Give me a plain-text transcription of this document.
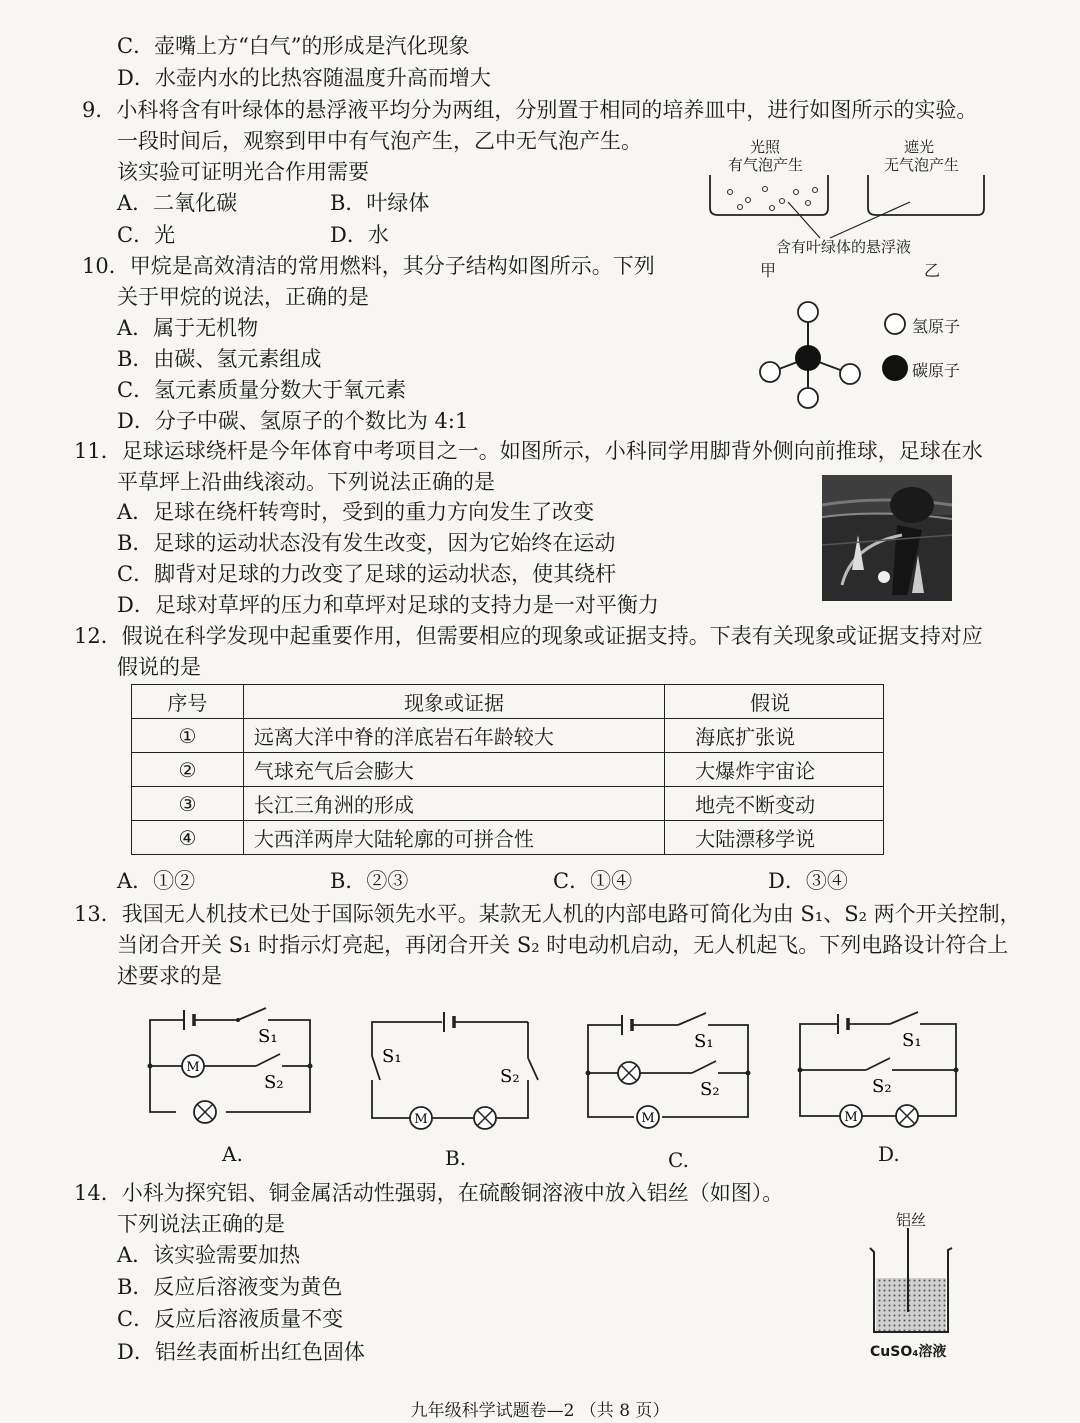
C．壶嘴上方“白气”的形成是汽化现象
D．水壶内水的比热容随温度升高而增大
9．小科将含有叶绿体的悬浮液平均分为两组，分别置于相同的培养皿中，进行如图所示的实验。
一段时间后，观察到甲中有气泡产生，乙中无气泡产生。
该实验可证明光合作用需要
A．二氧化碳	B．叶绿体
C．光	D．水
光照
有气泡产生
遮光
无气泡产生
含有叶绿体的悬浮液
甲	乙
10．甲烷是高效清洁的常用燃料，其分子结构如图所示。下列
关于甲烷的说法，正确的是
A．属于无机物
B．由碳、氢元素组成
C．氢元素质量分数大于氧元素
D．分子中碳、氢原子的个数比为 4:1
氢原子
碳原子
11．足球运球绕杆是今年体育中考项目之一。如图所示，小科同学用脚背外侧向前推球，足球在水
平草坪上沿曲线滚动。下列说法正确的是
A．足球在绕杆转弯时，受到的重力方向发生了改变
B．足球的运动状态没有发生改变，因为它始终在运动
C．脚背对足球的力改变了足球的运动状态，使其绕杆
D．足球对草坪的压力和草坪对足球的支持力是一对平衡力
12．假说在科学发现中起重要作用，但需要相应的现象或证据支持。下表有关现象或证据支持对应
假说的是
序号	现象或证据	假说
①	远离大洋中脊的洋底岩石年龄较大	海底扩张说
②	气球充气后会膨大	大爆炸宇宙论
③	长江三角洲的形成	地壳不断变动
④	大西洋两岸大陆轮廓的可拼合性	大陆漂移学说
A．①②	B．②③	C．①④	D．③④
13．我国无人机技术已处于国际领先水平。某款无人机的内部电路可简化为由 S₁、S₂ 两个开关控制，
当闭合开关 S₁ 时指示灯亮起，再闭合开关 S₂ 时电动机启动，无人机起飞。下列电路设计符合上
述要求的是
M
S₁
S₂
A.
M
S₁
S₂
B.
M
S₁
S₂
C.
M
S₁
S₂
D.
14．小科为探究铝、铜金属活动性强弱，在硫酸铜溶液中放入铝丝（如图）。
下列说法正确的是
A．该实验需要加热
B．反应后溶液变为黄色
C．反应后溶液质量不变
D．铝丝表面析出红色固体
铝丝
CuSO₄溶液
九年级科学试题卷—2 （共 8 页）
